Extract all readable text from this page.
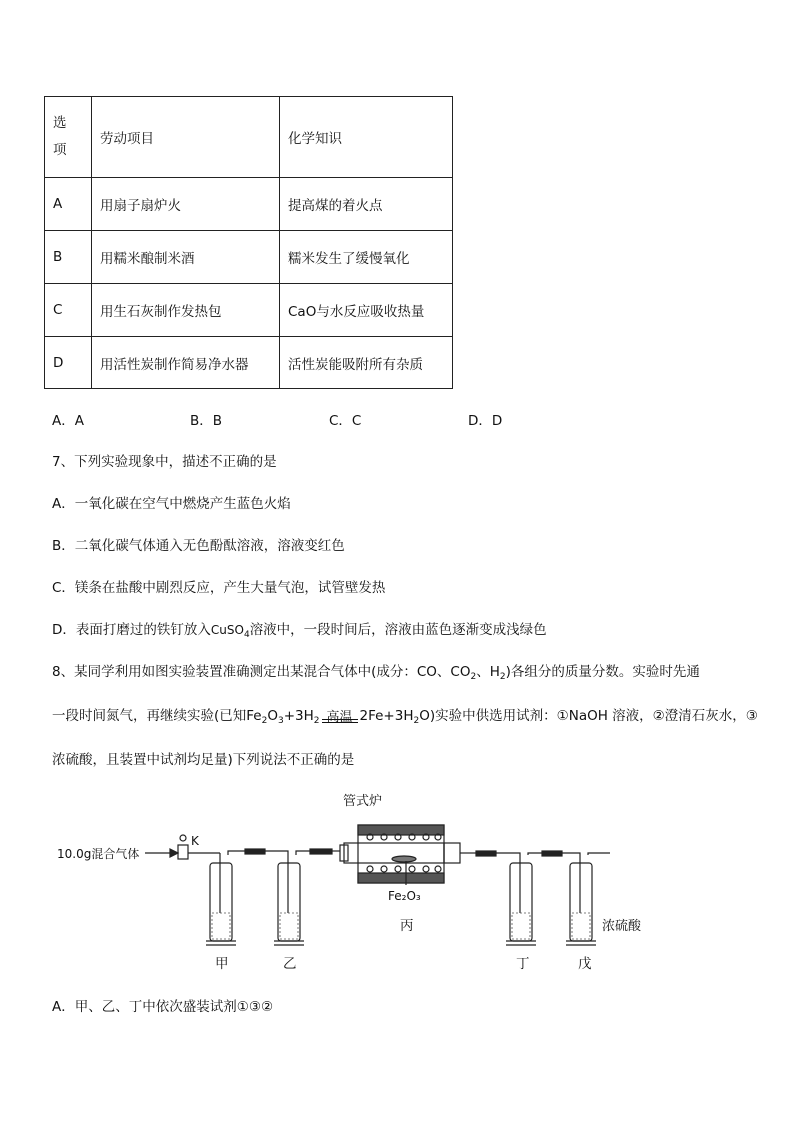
选
项	劳动项目	化学知识
A	用扇子扇炉火	提高煤的着火点
B	用糯米酿制米酒	糯米发生了缓慢氧化
C	用生石灰制作发热包	CaO与水反应吸收热量
D	用活性炭制作简易净水器	活性炭能吸附所有杂质
A．A	B．B	C．C	D．D
7、下列实验现象中，描述不正确的是
A．一氧化碳在空气中燃烧产生蓝色火焰
B．二氧化碳气体通入无色酚酞溶液，溶液变红色
C．镁条在盐酸中剧烈反应，产生大量气泡，试管壁发热
D．表面打磨过的铁钉放入CuSO$_4$溶液中，一段时间后，溶液由蓝色逐渐变成浅绿色
8、某同学利用如图实验装置准确测定出某混合气体中(成分：CO、$CO_2$、$H_2$)各组分的质量分数。实验时先通
一段时间氮气，再继续实验(已知$Fe_2O_3+3H_2$ 高温 $2Fe+3H_2O$)实验中供选用试剂：①NaOH 溶液，②澄清石灰水，③
浓硫酸，且装置中试剂均足量)下列说法不正确的是
管式炉
10.0g混合气体
K
Fe₂O₃
甲	乙
丙
丁	戊
浓硫酸
A．甲、乙、丁中依次盛装试剂①③②
